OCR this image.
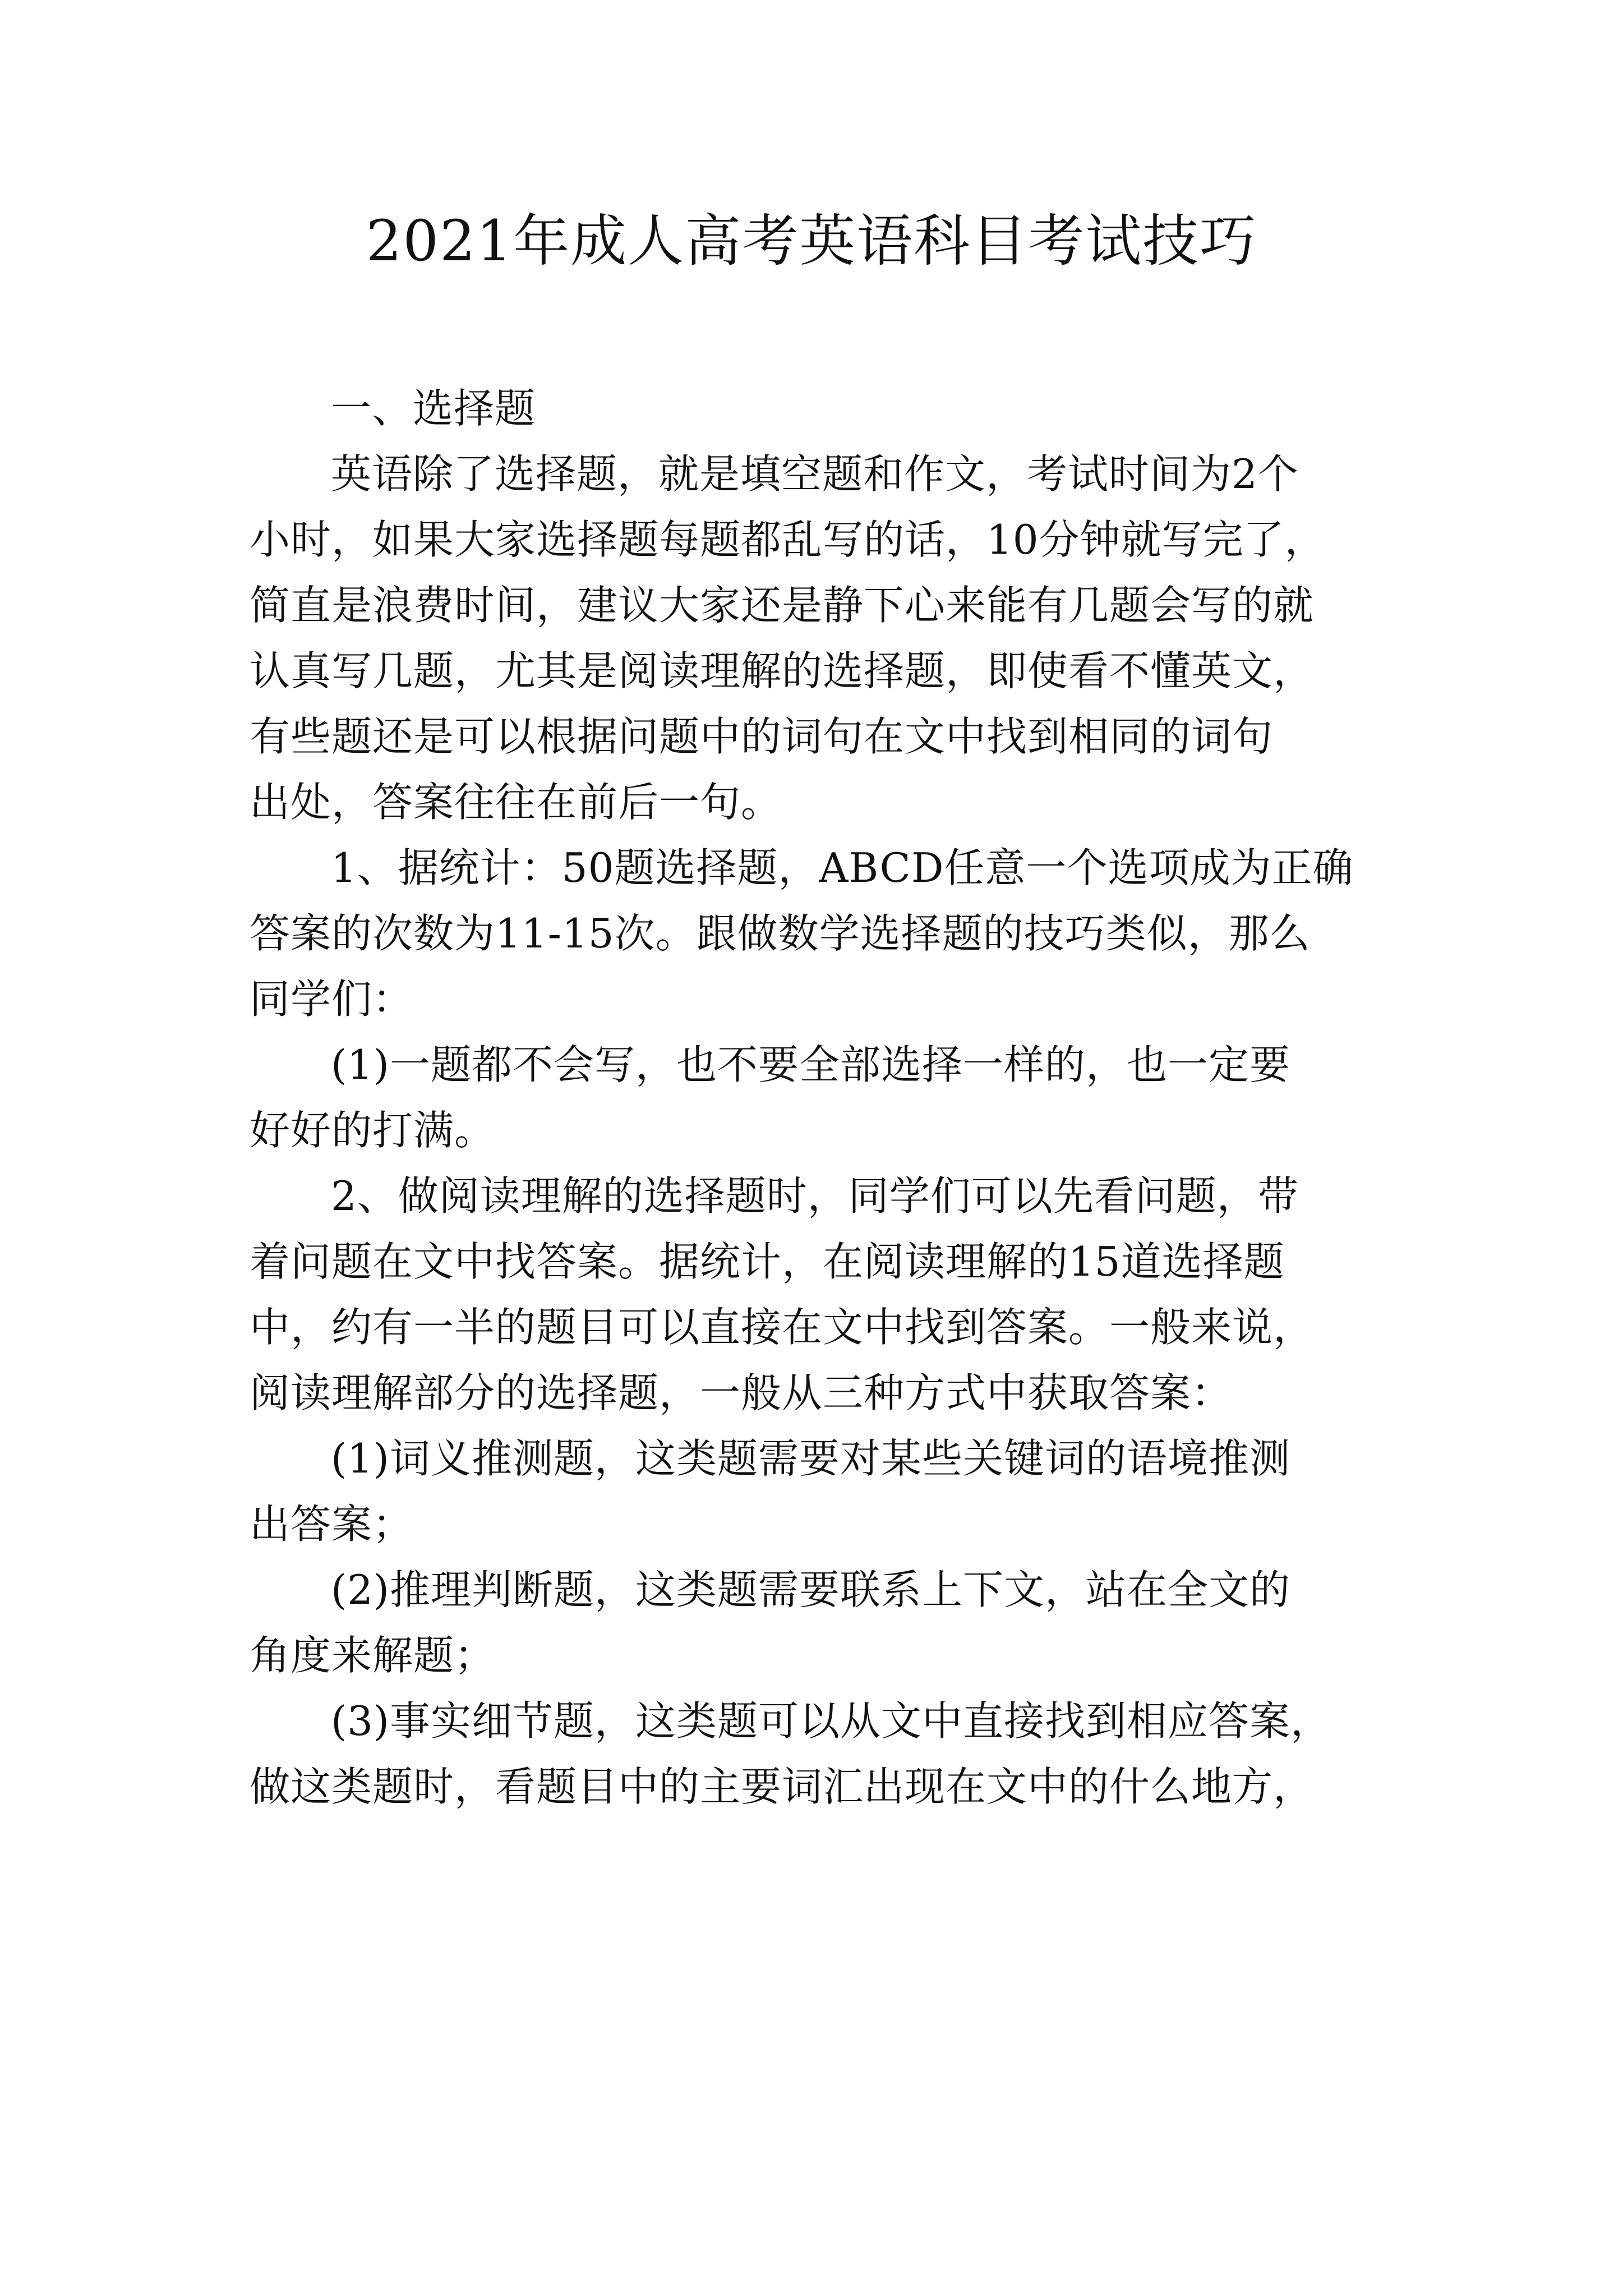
2021年成人高考英语科目考试技巧
一、选择题
英语除了选择题，就是填空题和作文，考试时间为2个
小时，如果大家选择题每题都乱写的话，10分钟就写完了，
简直是浪费时间，建议大家还是静下心来能有几题会写的就
认真写几题，尤其是阅读理解的选择题，即使看不懂英文，
有些题还是可以根据问题中的词句在文中找到相同的词句
出处，答案往往在前后一句。
1、据统计：50题选择题，ABCD任意一个选项成为正确
答案的次数为11-15次。跟做数学选择题的技巧类似，那么
同学们：
(1)一题都不会写，也不要全部选择一样的，也一定要
好好的打满。
2、做阅读理解的选择题时，同学们可以先看问题，带
着问题在文中找答案。据统计，在阅读理解的15道选择题
中，约有一半的题目可以直接在文中找到答案。一般来说，
阅读理解部分的选择题，一般从三种方式中获取答案：
(1)词义推测题，这类题需要对某些关键词的语境推测
出答案；
(2)推理判断题，这类题需要联系上下文，站在全文的
角度来解题；
(3)事实细节题，这类题可以从文中直接找到相应答案，
做这类题时，看题目中的主要词汇出现在文中的什么地方，
